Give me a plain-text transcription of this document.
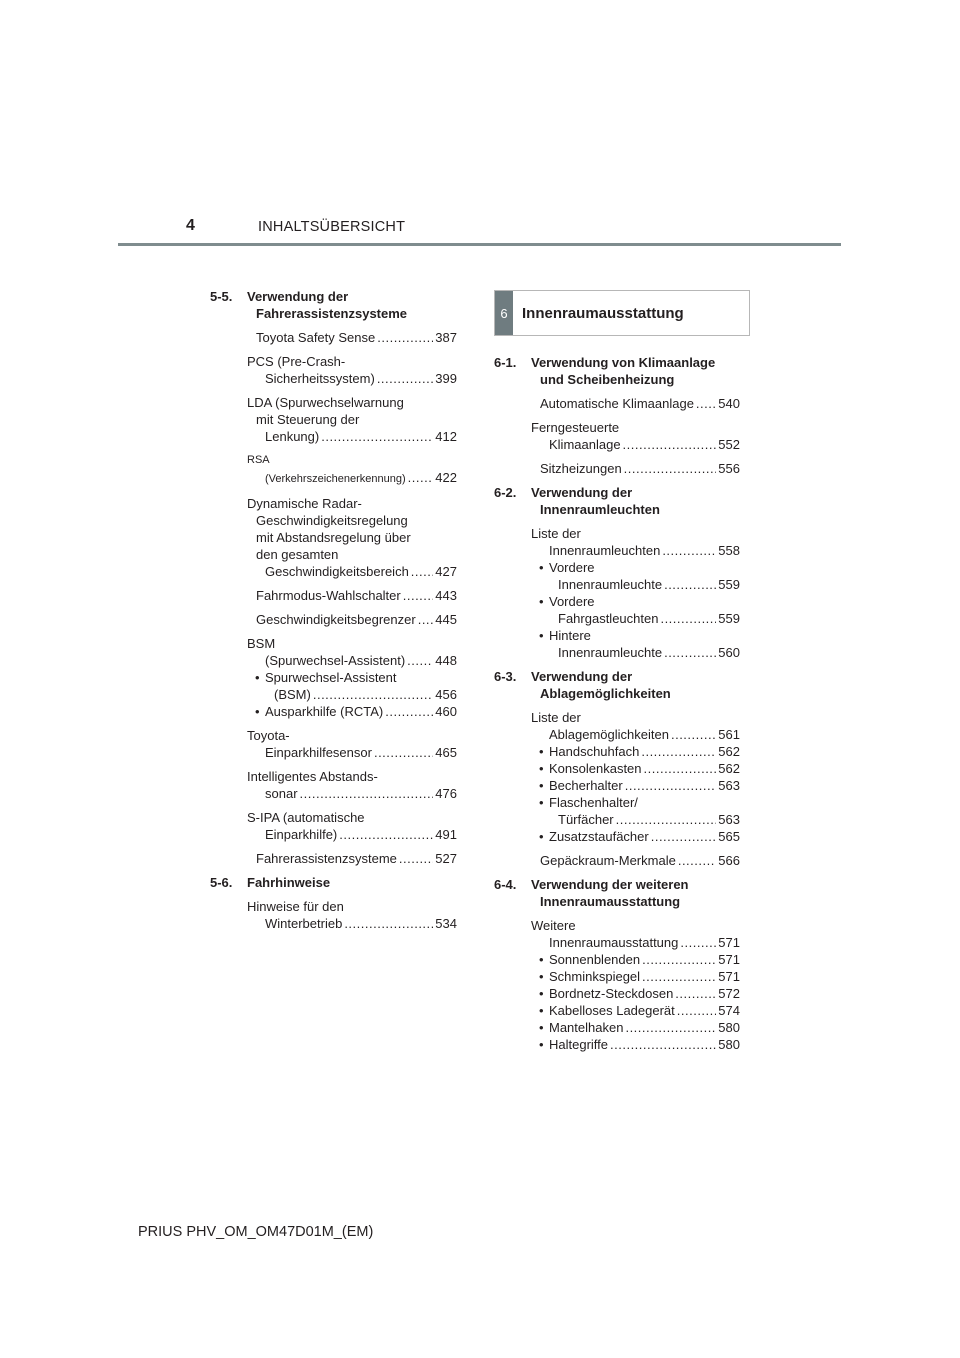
4	INHALTSÜBERSICHT
5-5.	Verwendung der
Fahrerassistenzsysteme
Toyota Safety Sense .....	387
PCS (Pre-Crash-
Sicherheitssystem) .....	399
LDA (Spurwechselwarnung
mit Steuerung der
Lenkung) .....	412
RSA
(Verkehrszeichenerkennung) ..... 422
Dynamische Radar-
Geschwindigkeitsregelung
mit Abstandsregelung über
den gesamten
Geschwindigkeitsbereich ..... 427
Fahrmodus-Wahlschalter .....	443
Geschwindigkeitsbegrenzer ..... 445
BSM
(Spurwechsel-Assistent) ..... 448
• Spurwechsel-Assistent
(BSM) .....	456
• Ausparkhilfe (RCTA) .....	460
Toyota-
Einparkhilfesensor .....	465
Intelligentes Abstands-
sonar .....	476
S-IPA (automatische
Einparkhilfe) .....	491
Fahrerassistenzsysteme .....	527
5-6.	Fahrhinweise
Hinweise für den
Winterbetrieb .....	534
6 Innenraumausstattung
6-1.	Verwendung von Klimaanlage
und Scheibenheizung
Automatische Klimaanlage ..... 540
Ferngesteuerte
Klimaanlage .....	552
Sitzheizungen .....	556
6-2.	Verwendung der
Innenraumleuchten
Liste der
Innenraumleuchten .....	558
• Vordere
Innenraumleuchte .....	559
• Vordere
Fahrgastleuchten .....	559
• Hintere
Innenraumleuchte .....	560
6-3.	Verwendung der
Ablagemöglichkeiten
Liste der
Ablagemöglichkeiten .....	561
• Handschuhfach .....	562
• Konsolenkasten .....	562
• Becherhalter .....	563
• Flaschenhalter/
Türfächer .....	563
• Zusatzstaufächer .....	565
Gepäckraum-Merkmale .....	566
6-4.	Verwendung der weiteren
Innenraumausstattung
Weitere
Innenraumausstattung .....	571
• Sonnenblenden .....	571
• Schminkspiegel .....	571
• Bordnetz-Steckdosen .....	572
• Kabelloses Ladegerät .....	574
• Mantelhaken .....	580
• Haltegriffe .....	580
PRIUS PHV_OM_OM47D01M_(EM)
